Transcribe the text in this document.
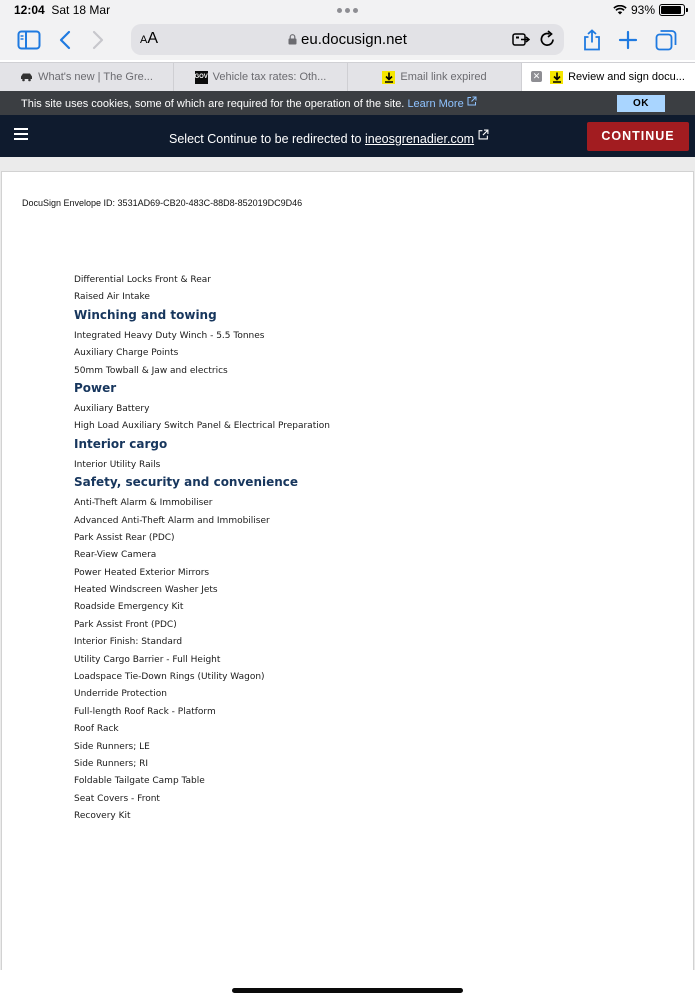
12:04 Sat 18 Mar	93%
AA	eu.docusign.net
What's new | The Gre...	GOV Vehicle tax rates: Oth...	Email link expired	✕	Review and sign docu...
This site uses cookies, some of which are required for the operation of the site. Learn More	OK
Select Continue to be redirected to ineosgrenadier.com	CONTINUE
DocuSign Envelope ID: 3531AD69-CB20-483C-88D8-852019DC9D46
Differential Locks Front & Rear
Raised Air Intake
Winching and towing
Integrated Heavy Duty Winch - 5.5 Tonnes
Auxiliary Charge Points
50mm Towball & Jaw and electrics
Power
Auxiliary Battery
High Load Auxiliary Switch Panel & Electrical Preparation
Interior cargo
Interior Utility Rails
Safety, security and convenience
Anti-Theft Alarm & Immobiliser
Advanced Anti-Theft Alarm and Immobiliser
Park Assist Rear (PDC)
Rear-View Camera
Power Heated Exterior Mirrors
Heated Windscreen Washer Jets
Roadside Emergency Kit
Park Assist Front (PDC)
Interior Finish: Standard
Utility Cargo Barrier - Full Height
Loadspace Tie-Down Rings (Utility Wagon)
Underride Protection
Full-length Roof Rack - Platform
Roof Rack
Side Runners; LE
Side Runners; RI
Foldable Tailgate Camp Table
Seat Covers - Front
Recovery Kit
